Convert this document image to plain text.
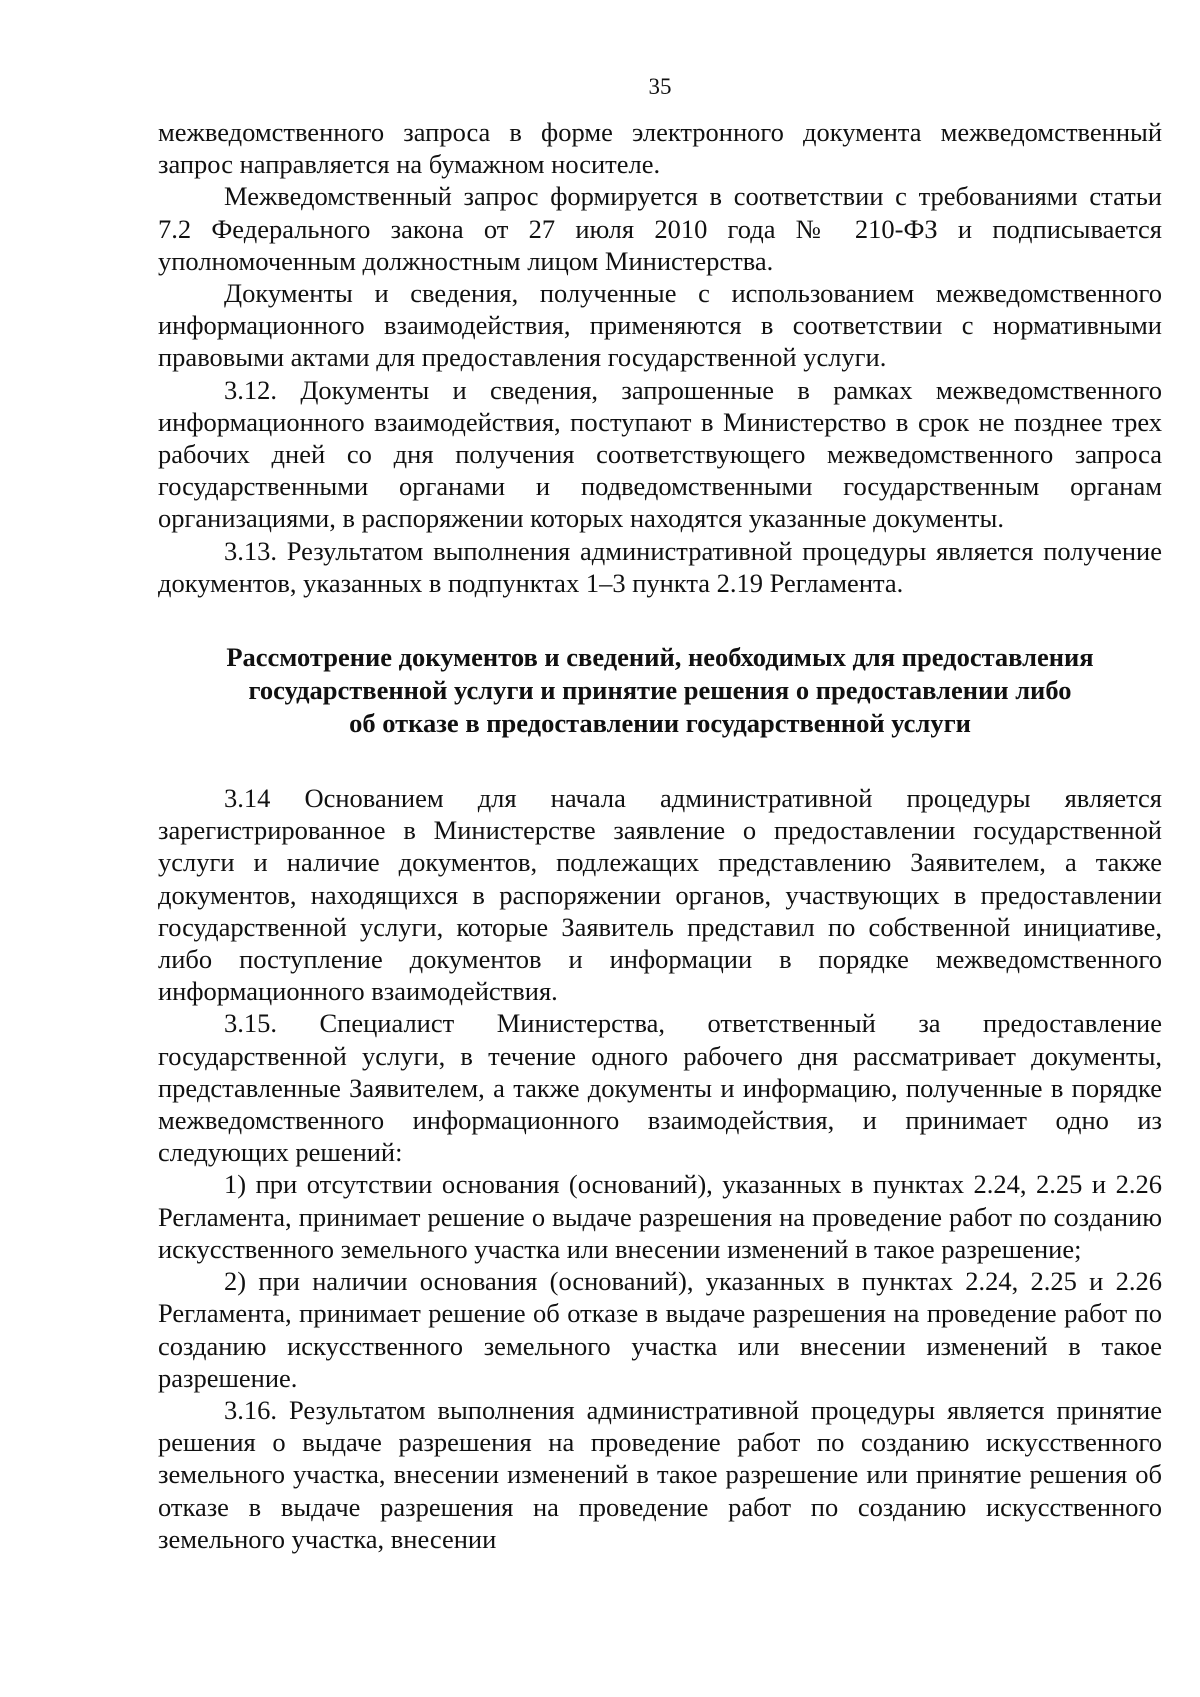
35

межведомственного запроса в форме электронного документа межведомственный запрос направляется на бумажном носителе.

Межведомственный запрос формируется в соответствии с требованиями статьи 7.2 Федерального закона от 27 июля 2010 года № 210-ФЗ и подписывается уполномоченным должностным лицом Министерства.

Документы и сведения, полученные с использованием межведомственного информационного взаимодействия, применяются в соответствии с нормативными правовыми актами для предоставления государственной услуги.

3.12. Документы и сведения, запрошенные в рамках межведомственного информационного взаимодействия, поступают в Министерство в срок не позднее трех рабочих дней со дня получения соответствующего межведомственного запроса государственными органами и подведомственными государственным органам организациями, в распоряжении которых находятся указанные документы.

3.13. Результатом выполнения административной процедуры является получение документов, указанных в подпунктах 1–3 пункта 2.19 Регламента.

Рассмотрение документов и сведений, необходимых для предоставления
государственной услуги и принятие решения о предоставлении либо
об отказе в предоставлении государственной услуги

3.14 Основанием для начала административной процедуры является зарегистрированное в Министерстве заявление о предоставлении государственной услуги и наличие документов, подлежащих представлению Заявителем, а также документов, находящихся в распоряжении органов, участвующих в предоставлении государственной услуги, которые Заявитель представил по собственной инициативе, либо поступление документов и информации в порядке межведомственного информационного взаимодействия.

3.15. Специалист Министерства, ответственный за предоставление государственной услуги, в течение одного рабочего дня рассматривает документы, представленные Заявителем, а также документы и информацию, полученные в порядке межведомственного информационного взаимодействия, и принимает одно из следующих решений:

1) при отсутствии основания (оснований), указанных в пунктах 2.24, 2.25 и 2.26 Регламента, принимает решение о выдаче разрешения на проведение работ по созданию искусственного земельного участка или внесении изменений в такое разрешение;

2) при наличии основания (оснований), указанных в пунктах 2.24, 2.25 и 2.26 Регламента, принимает решение об отказе в выдаче разрешения на проведение работ по созданию искусственного земельного участка или внесении изменений в такое разрешение.

3.16. Результатом выполнения административной процедуры является принятие решения о выдаче разрешения на проведение работ по созданию искусственного земельного участка, внесении изменений в такое разрешение или принятие решения об отказе в выдаче разрешения на проведение работ по созданию искусственного земельного участка, внесении
